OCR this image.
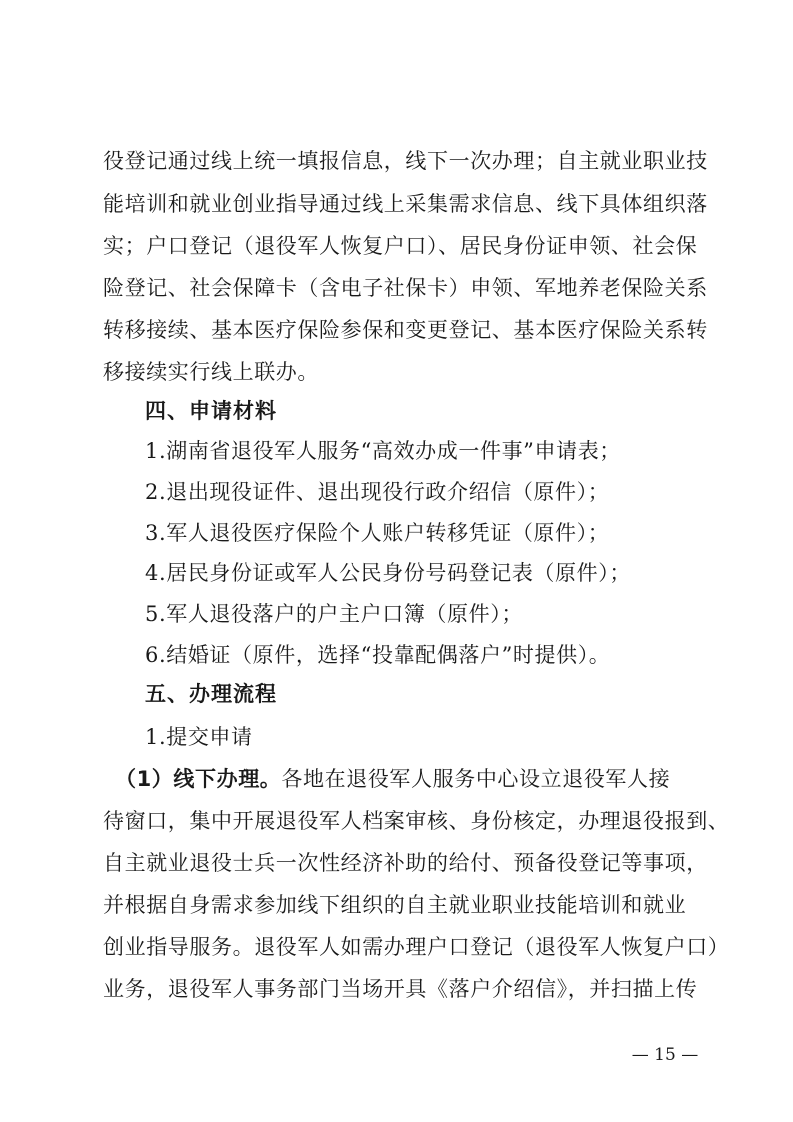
役登记通过线上统一填报信息，线下一次办理；自主就业职业技
能培训和就业创业指导通过线上采集需求信息、线下具体组织落
实；户口登记（退役军人恢复户口）、居民身份证申领、社会保
险登记、社会保障卡（含电子社保卡）申领、军地养老保险关系
转移接续、基本医疗保险参保和变更登记、基本医疗保险关系转
移接续实行线上联办。
四、申请材料
1.湖南省退役军人服务“高效办成一件事”申请表；
2.退出现役证件、退出现役行政介绍信（原件）；
3.军人退役医疗保险个人账户转移凭证（原件）；
4.居民身份证或军人公民身份号码登记表（原件）；
5.军人退役落户的户主户口簿（原件）；
6.结婚证（原件，选择“投靠配偶落户”时提供）。
五、办理流程
1.提交申请
（1）线下办理。各地在退役军人服务中心设立退役军人接
待窗口，集中开展退役军人档案审核、身份核定，办理退役报到、
自主就业退役士兵一次性经济补助的给付、预备役登记等事项，
并根据自身需求参加线下组织的自主就业职业技能培训和就业
创业指导服务。退役军人如需办理户口登记（退役军人恢复户口）
业务，退役军人事务部门当场开具《落户介绍信》，并扫描上传
— 15 —
